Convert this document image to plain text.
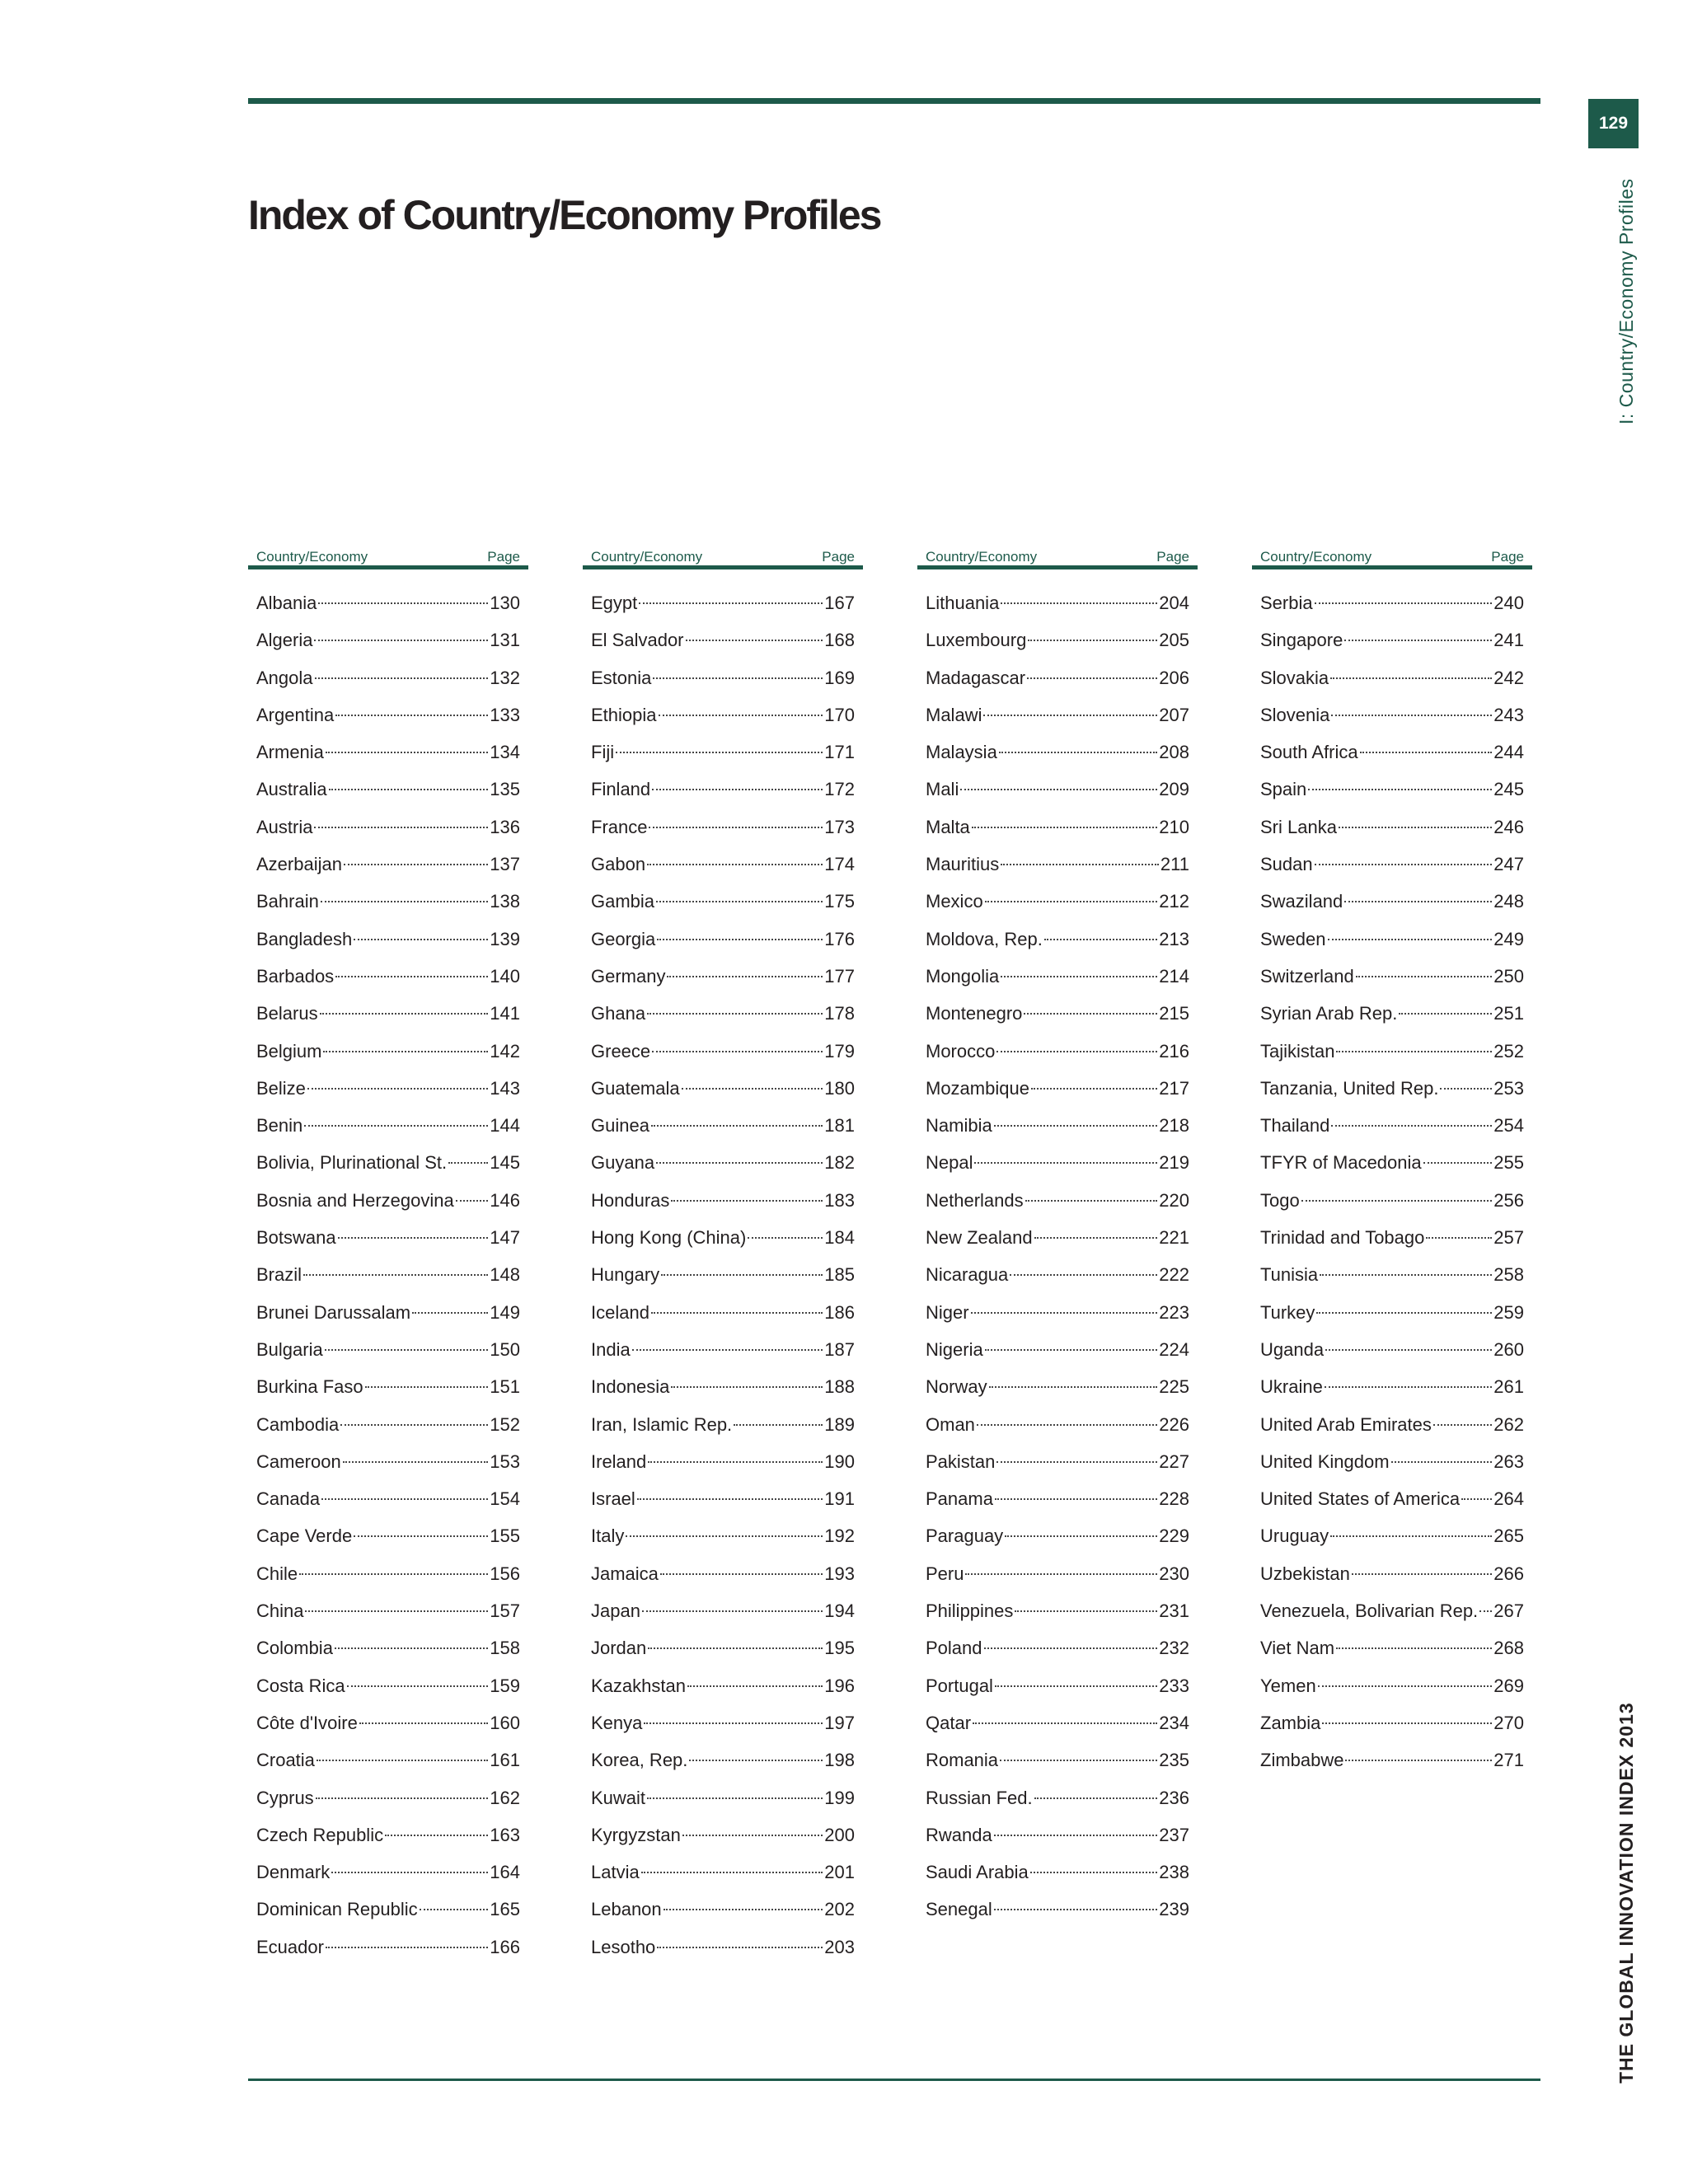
129
I: Country/Economy Profiles
Index of Country/Economy Profiles
Country/Economy	Page
Albania	130
Algeria	131
Angola	132
Argentina	133
Armenia	134
Australia	135
Austria	136
Azerbaijan	137
Bahrain	138
Bangladesh	139
Barbados	140
Belarus	141
Belgium	142
Belize	143
Benin	144
Bolivia, Plurinational St. 145
Bosnia and Herzegovina 146
Botswana	147
Brazil	148
Brunei Darussalam	149
Bulgaria	150
Burkina Faso	151
Cambodia	152
Cameroon	153
Canada	154
Cape Verde	155
Chile	156
China	157
Colombia	158
Costa Rica	159
Côte d'Ivoire	160
Croatia	161
Cyprus	162
Czech Republic	163
Denmark	164
Dominican Republic	165
Ecuador	166
Country/Economy	Page
Egypt	167
El Salvador	168
Estonia	169
Ethiopia	170
Fiji	171
Finland	172
France	173
Gabon	174
Gambia	175
Georgia	176
Germany	177
Ghana	178
Greece	179
Guatemala	180
Guinea	181
Guyana	182
Honduras	183
Hong Kong (China)	184
Hungary	185
Iceland	186
India	187
Indonesia	188
Iran, Islamic Rep.	189
Ireland	190
Israel	191
Italy	192
Jamaica	193
Japan	194
Jordan	195
Kazakhstan	196
Kenya	197
Korea, Rep.	198
Kuwait	199
Kyrgyzstan	200
Latvia	201
Lebanon	202
Lesotho	203
Country/Economy	Page
Lithuania	204
Luxembourg	205
Madagascar	206
Malawi	207
Malaysia	208
Mali	209
Malta	210
Mauritius	211
Mexico	212
Moldova, Rep.	213
Mongolia	214
Montenegro	215
Morocco	216
Mozambique	217
Namibia	218
Nepal	219
Netherlands	220
New Zealand	221
Nicaragua	222
Niger	223
Nigeria	224
Norway	225
Oman	226
Pakistan	227
Panama	228
Paraguay	229
Peru	230
Philippines	231
Poland	232
Portugal	233
Qatar	234
Romania	235
Russian Fed.	236
Rwanda	237
Saudi Arabia	238
Senegal	239
Country/Economy	Page
Serbia	240
Singapore	241
Slovakia	242
Slovenia	243
South Africa	244
Spain	245
Sri Lanka	246
Sudan	247
Swaziland	248
Sweden	249
Switzerland	250
Syrian Arab Rep.	251
Tajikistan	252
Tanzania, United Rep.	253
Thailand	254
TFYR of Macedonia	255
Togo	256
Trinidad and Tobago	257
Tunisia	258
Turkey	259
Uganda	260
Ukraine	261
United Arab Emirates	262
United Kingdom	263
United States of America 264
Uruguay	265
Uzbekistan	266
Venezuela, Bolivarian Rep. 267
Viet Nam	268
Yemen	269
Zambia	270
Zimbabwe	271	THE GLOBAL INNOVATION INDEX 2013
